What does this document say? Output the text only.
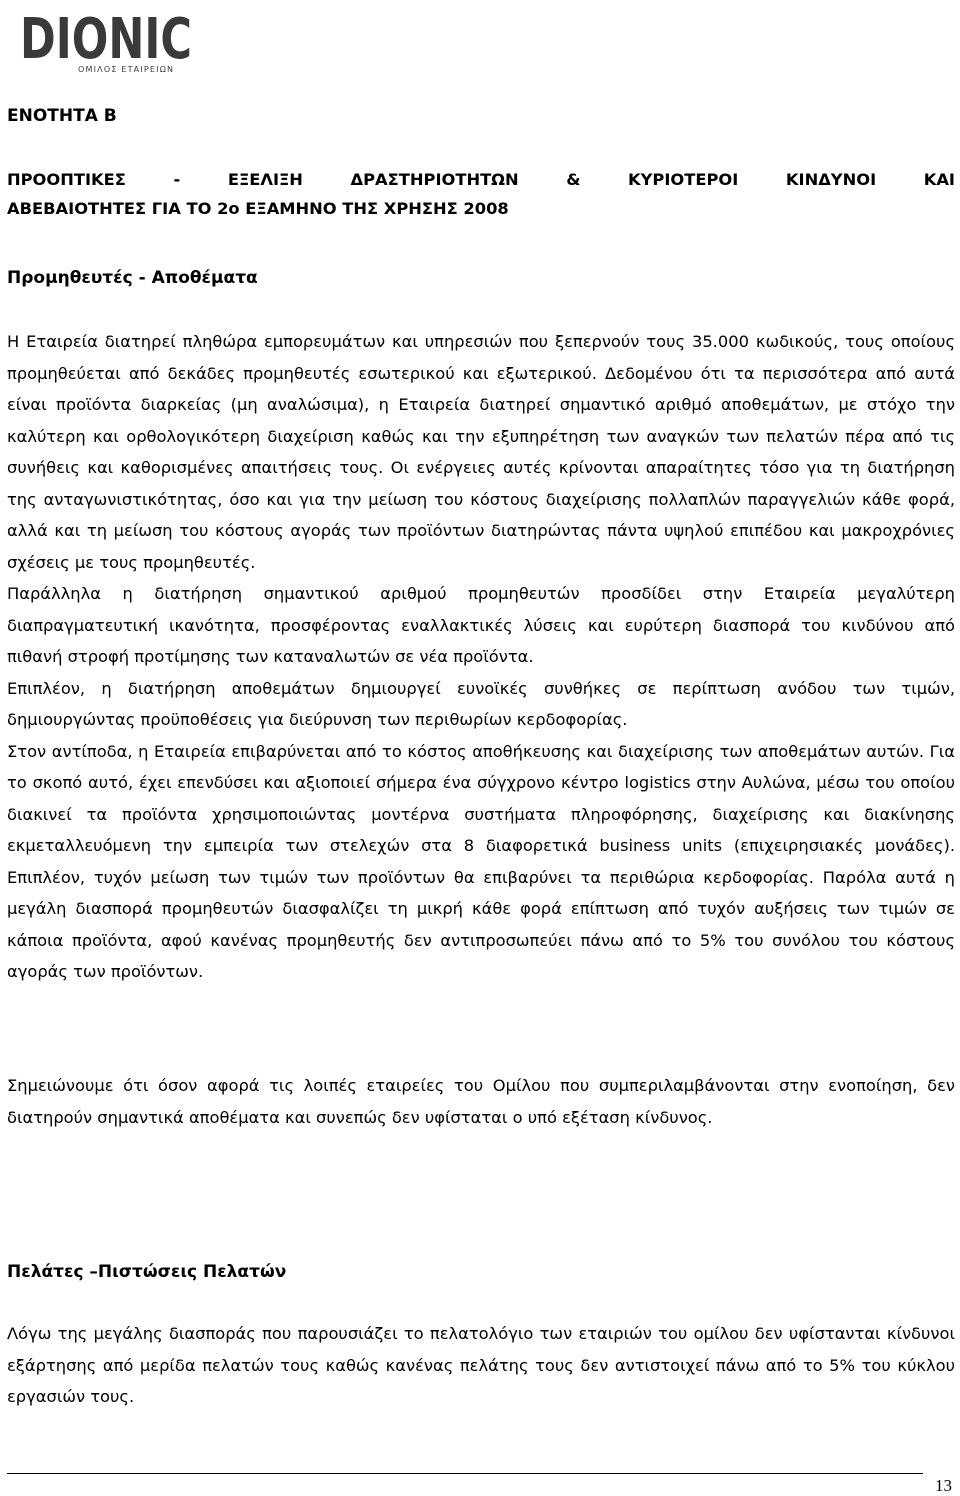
DIONIC
ΟΜΙΛΟΣ ΕΤΑΙΡΕΙΩΝ
ΕΝΟΤΗΤΑ Β
ΠΡΟΟΠΤΙΚΕΣ - ΕΞΕΛΙΞΗ ΔΡΑΣΤΗΡΙΟΤΗΤΩΝ & ΚΥΡΙΟΤΕΡΟΙ ΚΙΝΔΥΝΟΙ ΚΑΙ
ΑΒΕΒΑΙΟΤΗΤΕΣ ΓΙΑ ΤΟ 2ο ΕΞΑΜΗΝΟ ΤΗΣ ΧΡΗΣΗΣ 2008
Προμηθευτές - Αποθέματα

Η Εταιρεία διατηρεί πληθώρα εμπορευμάτων και υπηρεσιών που ξεπερνούν τους 35.000 κωδικούς, τους οποίους προμηθεύεται από δεκάδες προμηθευτές εσωτερικού και εξωτερικού. Δεδομένου ότι τα περισσότερα από αυτά είναι προϊόντα διαρκείας (μη αναλώσιμα), η Εταιρεία διατηρεί σημαντικό αριθμό αποθεμάτων, με στόχο την καλύτερη και ορθολογικότερη διαχείριση καθώς και την εξυπηρέτηση των αναγκών των πελατών πέρα από τις συνήθεις και καθορισμένες απαιτήσεις τους. Οι ενέργειες αυτές κρίνονται απαραίτητες τόσο για τη διατήρηση της ανταγωνιστικότητας, όσο και για την μείωση του κόστους διαχείρισης πολλαπλών παραγγελιών κάθε φορά, αλλά και τη μείωση του κόστους αγοράς των προϊόντων διατηρώντας πάντα υψηλού επιπέδου και μακροχρόνιες σχέσεις με τους προμηθευτές.

Παράλληλα η διατήρηση σημαντικού αριθμού προμηθευτών προσδίδει στην Εταιρεία μεγαλύτερη διαπραγματευτική ικανότητα, προσφέροντας εναλλακτικές λύσεις και ευρύτερη διασπορά του κινδύνου από πιθανή στροφή προτίμησης των καταναλωτών σε νέα προϊόντα.

Επιπλέον, η διατήρηση αποθεμάτων δημιουργεί ευνοϊκές συνθήκες σε περίπτωση ανόδου των τιμών, δημιουργώντας προϋποθέσεις για διεύρυνση των περιθωρίων κερδοφορίας.

Στον αντίποδα, η Εταιρεία επιβαρύνεται από το κόστος αποθήκευσης και διαχείρισης των αποθεμάτων αυτών. Για το σκοπό αυτό, έχει επενδύσει και αξιοποιεί σήμερα ένα σύγχρονο κέντρο logistics στην Αυλώνα, μέσω του οποίου διακινεί τα προϊόντα χρησιμοποιώντας μοντέρνα συστήματα πληροφόρησης, διαχείρισης και διακίνησης εκμεταλλευόμενη την εμπειρία των στελεχών στα 8 διαφορετικά business units (επιχειρησιακές μονάδες). Επιπλέον, τυχόν μείωση των τιμών των προϊόντων θα επιβαρύνει τα περιθώρια κερδοφορίας. Παρόλα αυτά η μεγάλη διασπορά προμηθευτών διασφαλίζει τη μικρή κάθε φορά επίπτωση από τυχόν αυξήσεις των τιμών σε κάποια προϊόντα, αφού κανένας προμηθευτής δεν αντιπροσωπεύει πάνω από το 5% του συνόλου του κόστους αγοράς των προϊόντων.

Σημειώνουμε ότι όσον αφορά τις λοιπές εταιρείες του Ομίλου που συμπεριλαμβάνονται στην ενοποίηση, δεν διατηρούν σημαντικά αποθέματα και συνεπώς δεν υφίσταται ο υπό εξέταση κίνδυνος.

Πελάτες –Πιστώσεις Πελατών

Λόγω της μεγάλης διασποράς που παρουσιάζει το πελατολόγιο των εταιριών του ομίλου δεν υφίστανται κίνδυνοι εξάρτησης από μερίδα πελατών τους καθώς κανένας πελάτης τους δεν αντιστοιχεί πάνω από το 5% του κύκλου εργασιών τους.

13
